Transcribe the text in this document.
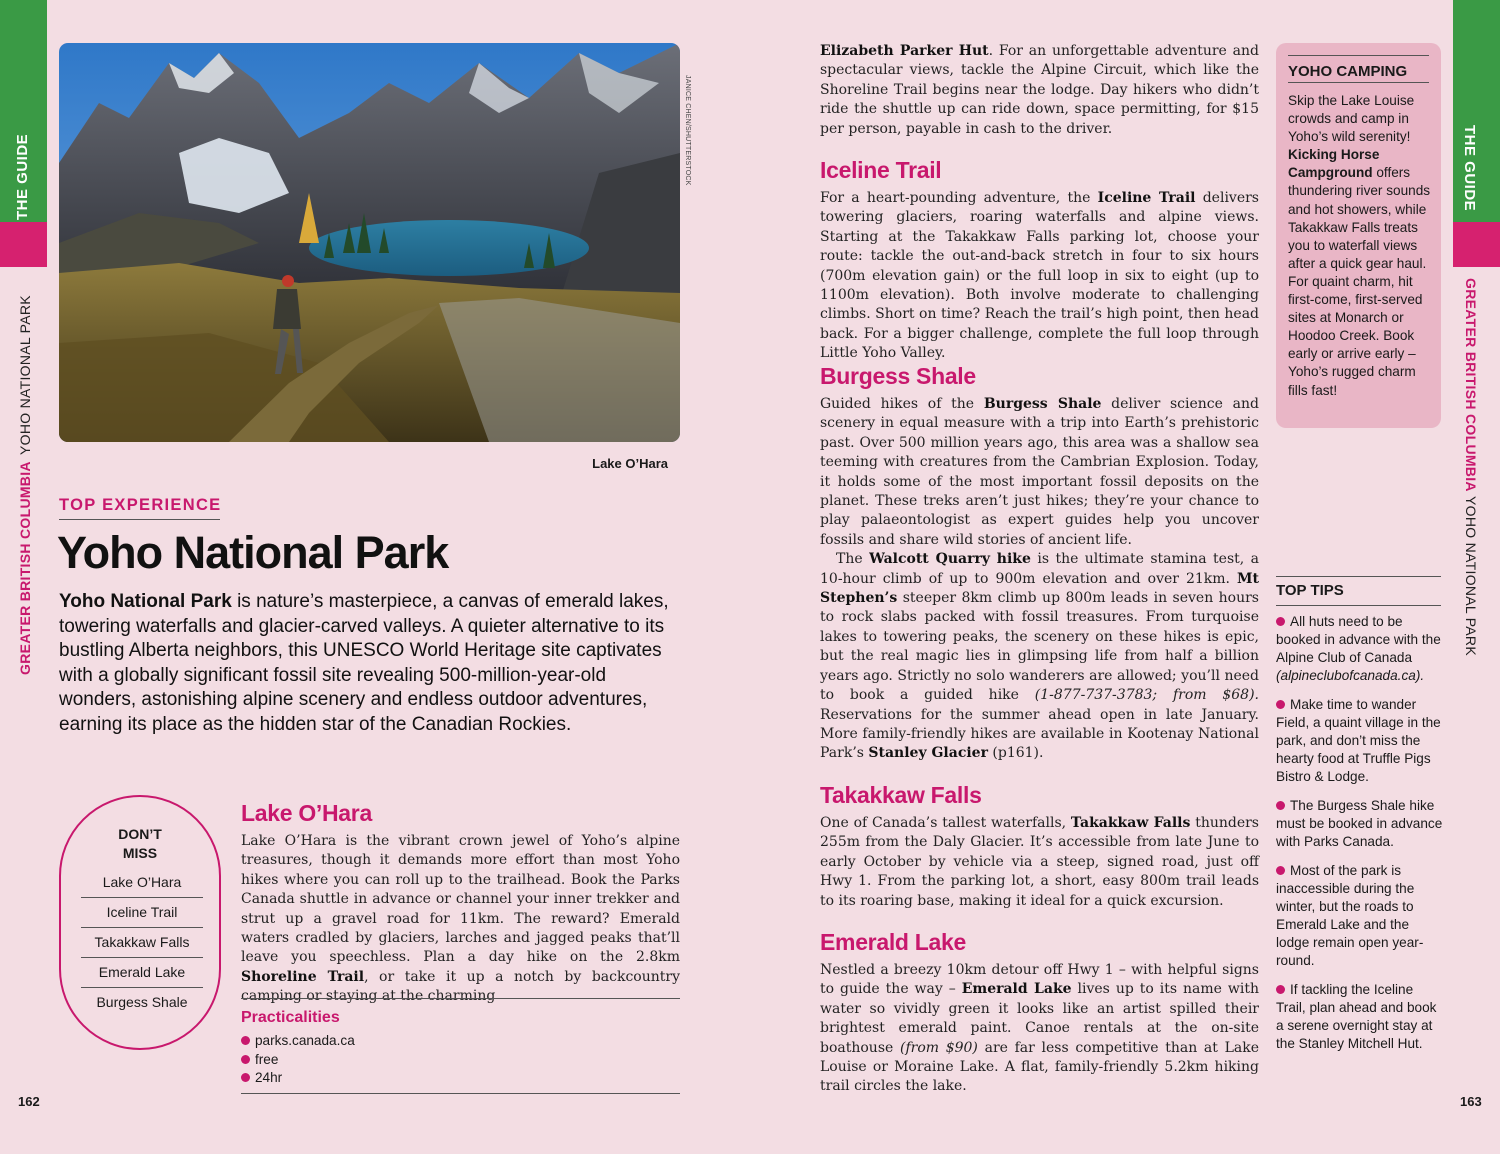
THE GUIDE
GREATER BRITISH COLUMBIA
YOHO NATIONAL PARK
162
THE GUIDE
GREATER BRITISH COLUMBIA YOHO NATIONAL PARK
163
JANICE CHEN/SHUTTERSTOCK
Lake O’Hara
TOP EXPERIENCE
Yoho National Park
Yoho National Park is nature’s masterpiece, a canvas of emerald lakes, towering waterfalls and glacier-carved valleys. A quieter alternative to its bustling Alberta neighbors, this UNESCO World Heritage site captivates with a globally significant fossil site revealing 500-million-year-old wonders, astonishing alpine scenery and endless outdoor adventures, earning its place as the hidden star of the Canadian Rockies.
DON’T
MISS
Lake O’Hara
Iceline Trail
Takakkaw Falls
Emerald Lake
Burgess Shale
Lake O’Hara
Lake O’Hara is the vibrant crown jewel of Yoho’s alpine treasures, though it demands more effort than most Yoho hikes where you can roll up to the trailhead. Book the Parks Canada shuttle in advance or channel your inner trekker and strut up a gravel road for 11km. The reward? Emerald waters cradled by glaciers, larches and jagged peaks that’ll leave you speechless. Plan a day hike on the 2.8km Shoreline Trail, or take it up a notch by backcountry camping or staying at the charming
Practicalities
parks.canada.ca
free
24hr
Elizabeth Parker Hut. For an unforgettable adventure and spectacular views, tackle the Alpine Circuit, which like the Shoreline Trail begins near the lodge. Day hikers who didn’t ride the shuttle up can ride down, space permitting, for $15 per person, payable in cash to the driver.
Iceline Trail
For a heart-pounding adventure, the Iceline Trail delivers towering glaciers, roaring waterfalls and alpine views. Starting at the Takakkaw Falls parking lot, choose your route: tackle the out-and-back stretch in four to six hours (700m elevation gain) or the full loop in six to eight (up to 1100m elevation). Both involve moderate to challenging climbs. Short on time? Reach the trail’s high point, then head back. For a bigger challenge, complete the full loop through Little Yoho Valley.
Burgess Shale
Guided hikes of the Burgess Shale deliver science and scenery in equal measure with a trip into Earth’s prehistoric past. Over 500 million years ago, this area was a shallow sea teeming with creatures from the Cambrian Explosion. Today, it holds some of the most important fossil deposits on the planet. These treks aren’t just hikes; they’re your chance to play palaeontologist as expert guides help you uncover fossils and share wild stories of ancient life.
The Walcott Quarry hike is the ultimate stamina test, a 10-hour climb of up to 900m elevation and over 21km. Mt Stephen’s steeper 8km climb up 800m leads in seven hours to rock slabs packed with fossil treasures. From turquoise lakes to towering peaks, the scenery on these hikes is epic, but the real magic lies in glimpsing life from half a billion years ago. Strictly no solo wanderers are allowed; you’ll need to book a guided hike (1-877-737-3783; from $68). Reservations for the summer ahead open in late January. More family-friendly hikes are available in Kootenay National Park’s Stanley Glacier (p161).
Takakkaw Falls
One of Canada’s tallest waterfalls, Takakkaw Falls thunders 255m from the Daly Glacier. It’s accessible from late June to early October by vehicle via a steep, signed road, just off Hwy 1. From the parking lot, a short, easy 800m trail leads to its roaring base, making it ideal for a quick excursion.
Emerald Lake
Nestled a breezy 10km detour off Hwy 1 – with helpful signs to guide the way – Emerald Lake lives up to its name with water so vividly green it looks like an artist spilled their brightest emerald paint. Canoe rentals at the on-site boathouse (from $90) are far less competitive than at Lake Louise or Moraine Lake. A flat, family-friendly 5.2km hiking trail circles the lake.
YOHO CAMPING
Skip the Lake Louise crowds and camp in Yoho’s wild serenity! Kicking Horse Campground offers thundering river sounds and hot showers, while Takakkaw Falls treats you to waterfall views after a quick gear haul. For quaint charm, hit first-come, first-served sites at Monarch or Hoodoo Creek. Book early or arrive early – Yoho’s rugged charm fills fast!
TOP TIPS
All huts need to be booked in advance with the Alpine Club of Canada (alpineclubofcanada.ca).
Make time to wander Field, a quaint village in the park, and don’t miss the hearty food at Truffle Pigs Bistro & Lodge.
The Burgess Shale hike must be booked in advance with Parks Canada.
Most of the park is inaccessible during the winter, but the roads to Emerald Lake and the lodge remain open year-round.
If tackling the Iceline Trail, plan ahead and book a serene overnight stay at the Stanley Mitchell Hut.
